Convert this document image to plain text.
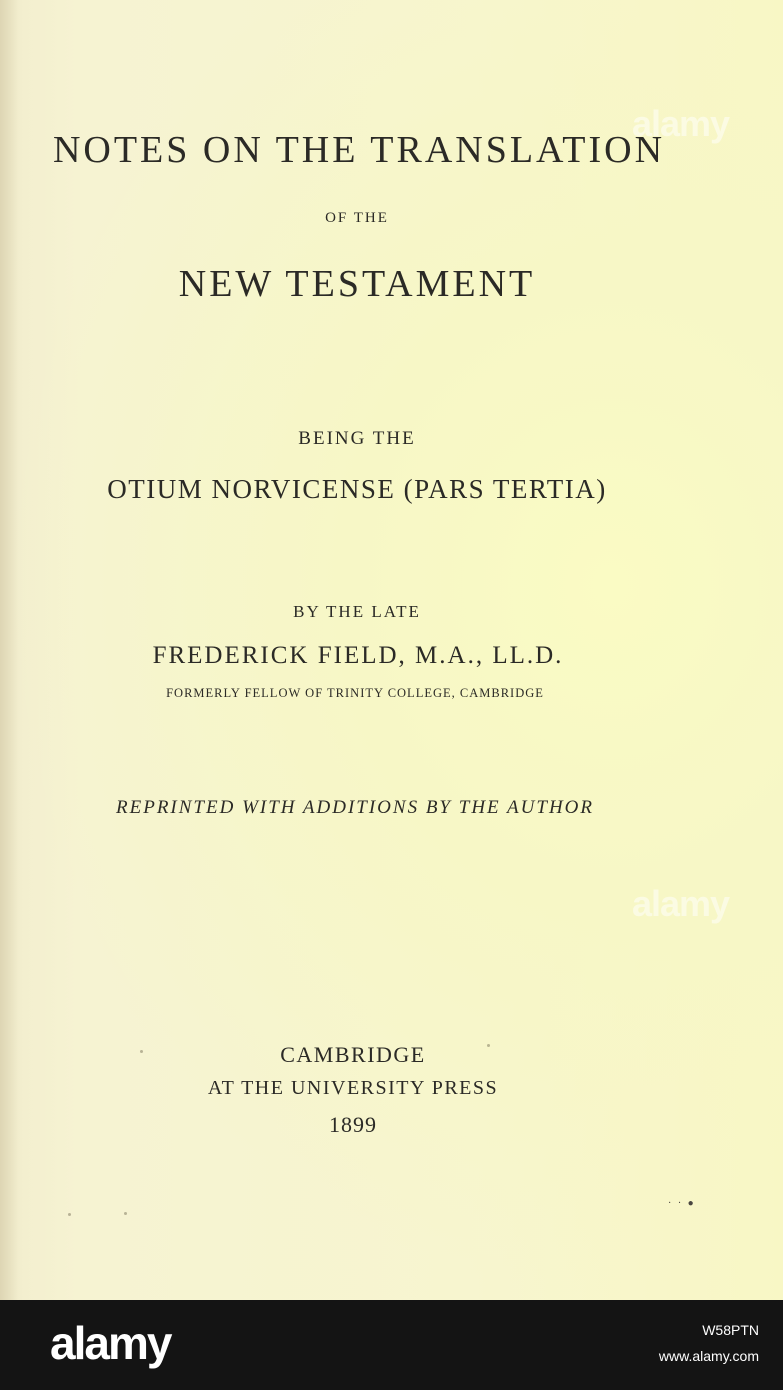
NOTES ON THE TRANSLATION
OF THE
NEW TESTAMENT
BEING THE
OTIUM NORVICENSE (PARS TERTIA)
BY THE LATE
FREDERICK FIELD, M.A., LL.D.
FORMERLY FELLOW OF TRINITY COLLEGE, CAMBRIDGE
REPRINTED WITH ADDITIONS BY THE AUTHOR
CAMBRIDGE
AT THE UNIVERSITY PRESS
1899
alamy
alamy
· · ●
alamy	W58PTN
www.alamy.com
